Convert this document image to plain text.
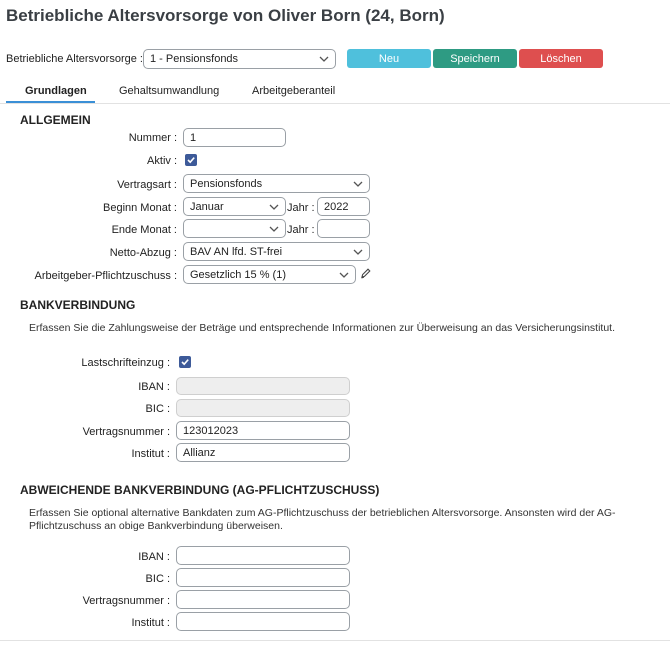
Betriebliche Altersvorsorge von Oliver Born (24, Born)
Betriebliche Altersvorsorge : 1 - Pensionsfonds	Neu	Speichern	Löschen
Grundlagen	Gehaltsumwandlung	Arbeitgeberanteil
ALLGEMEIN
Nummer :	1
Aktiv :
Vertragsart : Pensionsfonds
Beginn Monat : Januar	Jahr : 2022
Ende Monat :	Jahr :
Netto-Abzug : BAV AN lfd. ST-frei
Arbeitgeber-Pflichtzuschuss : Gesetzlich 15 % (1)
BANKVERBINDUNG
Erfassen Sie die Zahlungsweise der Beträge und entsprechende Informationen zur Überweisung an das Versicherungsinstitut.
Lastschrifteinzug :
IBAN :
BIC :
Vertragsnummer :	123012023
Institut :	Allianz
ABWEICHENDE BANKVERBINDUNG (AG-PFLICHTZUSCHUSS)
Erfassen Sie optional alternative Bankdaten zum AG-Pflichtzuschuss der betrieblichen Altersvorsorge. Ansonsten wird der AG-Pflichtzuschuss an obige Bankverbindung überweisen.
IBAN :
BIC :
Vertragsnummer :
Institut :
